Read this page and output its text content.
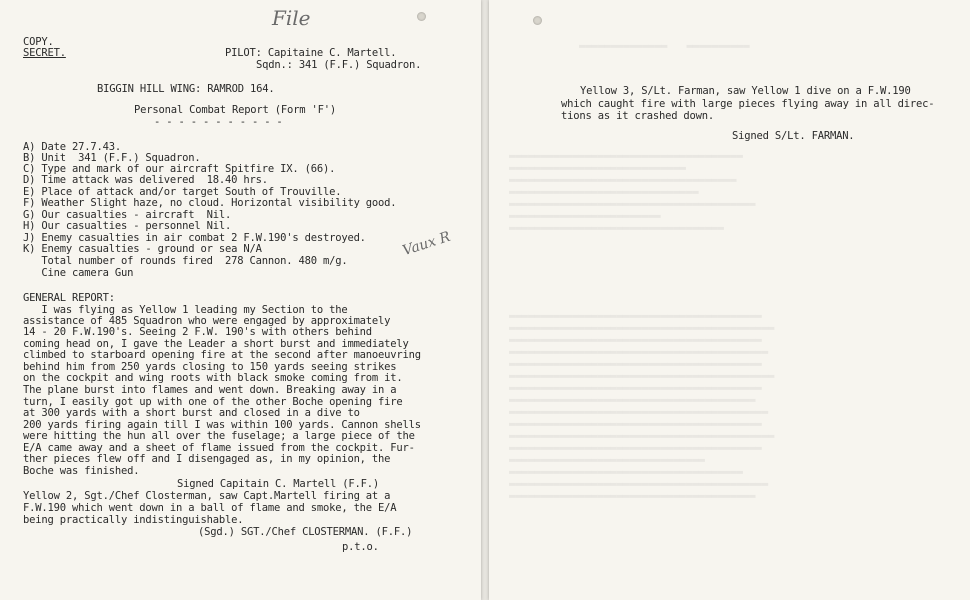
File
COPY.
SECRET.	PILOT: Capitaine C. Martell.
Sqdn.: 341 (F.F.) Squadron.
BIGGIN HILL WING: RAMROD 164.
Personal Combat Report (Form 'F')
- - - - - - - - - - -
A) Date 27.7.43.
B) Unit  341 (F.F.) Squadron.
C) Type and mark of our aircraft Spitfire IX. (66).
D) Time attack was delivered  18.40 hrs.
E) Place of attack and/or target South of Trouville.
F) Weather Slight haze, no cloud. Horizontal visibility good.
G) Our casualties - aircraft  Nil.
H) Our casualties - personnel Nil.
J) Enemy casualties in air combat 2 F.W.190's destroyed.
K) Enemy casualties - ground or sea N/A
Total number of rounds fired  278 Cannon. 480 m/g.
Cine camera Gun
Vaux R
GENERAL REPORT:
I was flying as Yellow 1 leading my Section to the
assistance of 485 Squadron who were engaged by approximately
14 - 20 F.W.190's. Seeing 2 F.W. 190's with others behind
coming head on, I gave the Leader a short burst and immediately
climbed to starboard opening fire at the second after manoeuvring
behind him from 250 yards closing to 150 yards seeing strikes
on the cockpit and wing roots with black smoke coming from it.
The plane burst into flames and went down. Breaking away in a
turn, I easily got up with one of the other Boche opening fire
at 300 yards with a short burst and closed in a dive to
200 yards firing again till I was within 100 yards. Cannon shells
were hitting the hun all over the fuselage; a large piece of the
E/A came away and a sheet of flame issued from the cockpit. Fur-
ther pieces flew off and I disengaged as, in my opinion, the
Boche was finished.
Signed Capitain C. Martell (F.F.)
Yellow 2, Sgt./Chef Closterman, saw Capt.Martell firing at a
F.W.190 which went down in a ball of flame and smoke, the E/A
being practically indistinguishable.
(Sgd.) SGT./Chef CLOSTERMAN. (F.F.)
p.t.o.
▬▬▬▬▬▬▬▬▬▬▬▬▬▬   ▬▬▬▬▬▬▬▬▬▬
▬▬▬▬▬▬▬▬▬▬▬▬▬▬▬▬▬▬▬▬▬▬▬▬▬▬▬▬▬▬▬▬▬▬▬▬▬
▬▬▬▬▬▬▬▬▬▬▬▬▬▬▬▬▬▬▬▬▬▬▬▬▬▬▬▬
▬▬▬▬▬▬▬▬▬▬▬▬▬▬▬▬▬▬▬▬▬▬▬▬▬▬▬▬▬▬▬▬▬▬▬▬
▬▬▬▬▬▬▬▬▬▬▬▬▬▬▬▬▬▬▬▬▬▬▬▬▬▬▬▬▬▬
▬▬▬▬▬▬▬▬▬▬▬▬▬▬▬▬▬▬▬▬▬▬▬▬▬▬▬▬▬▬▬▬▬▬▬▬▬▬▬
▬▬▬▬▬▬▬▬▬▬▬▬▬▬▬▬▬▬▬▬▬▬▬▬
▬▬▬▬▬▬▬▬▬▬▬▬▬▬▬▬▬▬▬▬▬▬▬▬▬▬▬▬▬▬▬▬▬▬
▬▬▬▬▬▬▬▬▬▬▬▬▬▬▬▬▬▬▬▬▬▬▬▬▬▬▬▬▬▬▬▬▬▬▬▬▬▬▬▬
▬▬▬▬▬▬▬▬▬▬▬▬▬▬▬▬▬▬▬▬▬▬▬▬▬▬▬▬▬▬▬▬▬▬▬▬▬▬▬▬▬▬
▬▬▬▬▬▬▬▬▬▬▬▬▬▬▬▬▬▬▬▬▬▬▬▬▬▬▬▬▬▬▬▬▬▬▬▬▬▬▬▬
▬▬▬▬▬▬▬▬▬▬▬▬▬▬▬▬▬▬▬▬▬▬▬▬▬▬▬▬▬▬▬▬▬▬▬▬▬▬▬▬▬
▬▬▬▬▬▬▬▬▬▬▬▬▬▬▬▬▬▬▬▬▬▬▬▬▬▬▬▬▬▬▬▬▬▬▬▬▬▬▬▬
▬▬▬▬▬▬▬▬▬▬▬▬▬▬▬▬▬▬▬▬▬▬▬▬▬▬▬▬▬▬▬▬▬▬▬▬▬▬▬▬▬▬
▬▬▬▬▬▬▬▬▬▬▬▬▬▬▬▬▬▬▬▬▬▬▬▬▬▬▬▬▬▬▬▬▬▬▬▬▬▬▬▬
▬▬▬▬▬▬▬▬▬▬▬▬▬▬▬▬▬▬▬▬▬▬▬▬▬▬▬▬▬▬▬▬▬▬▬▬▬▬▬
▬▬▬▬▬▬▬▬▬▬▬▬▬▬▬▬▬▬▬▬▬▬▬▬▬▬▬▬▬▬▬▬▬▬▬▬▬▬▬▬▬
▬▬▬▬▬▬▬▬▬▬▬▬▬▬▬▬▬▬▬▬▬▬▬▬▬▬▬▬▬▬▬▬▬▬▬▬▬▬▬▬
▬▬▬▬▬▬▬▬▬▬▬▬▬▬▬▬▬▬▬▬▬▬▬▬▬▬▬▬▬▬▬▬▬▬▬▬▬▬▬▬▬▬
▬▬▬▬▬▬▬▬▬▬▬▬▬▬▬▬▬▬▬▬▬▬▬▬▬▬▬▬▬▬▬▬▬▬▬▬▬▬▬▬
▬▬▬▬▬▬▬▬▬▬▬▬▬▬▬▬▬▬▬▬▬▬▬▬▬▬▬▬▬▬▬
▬▬▬▬▬▬▬▬▬▬▬▬▬▬▬▬▬▬▬▬▬▬▬▬▬▬▬▬▬▬▬▬▬▬▬▬▬
▬▬▬▬▬▬▬▬▬▬▬▬▬▬▬▬▬▬▬▬▬▬▬▬▬▬▬▬▬▬▬▬▬▬▬▬▬▬▬▬▬
▬▬▬▬▬▬▬▬▬▬▬▬▬▬▬▬▬▬▬▬▬▬▬▬▬▬▬▬▬▬▬▬▬▬▬▬▬▬▬
Yellow 3, S/Lt. Farman, saw Yellow 1 dive on a F.W.190
which caught fire with large pieces flying away in all direc-
tions as it crashed down.
Signed S/Lt. FARMAN.
